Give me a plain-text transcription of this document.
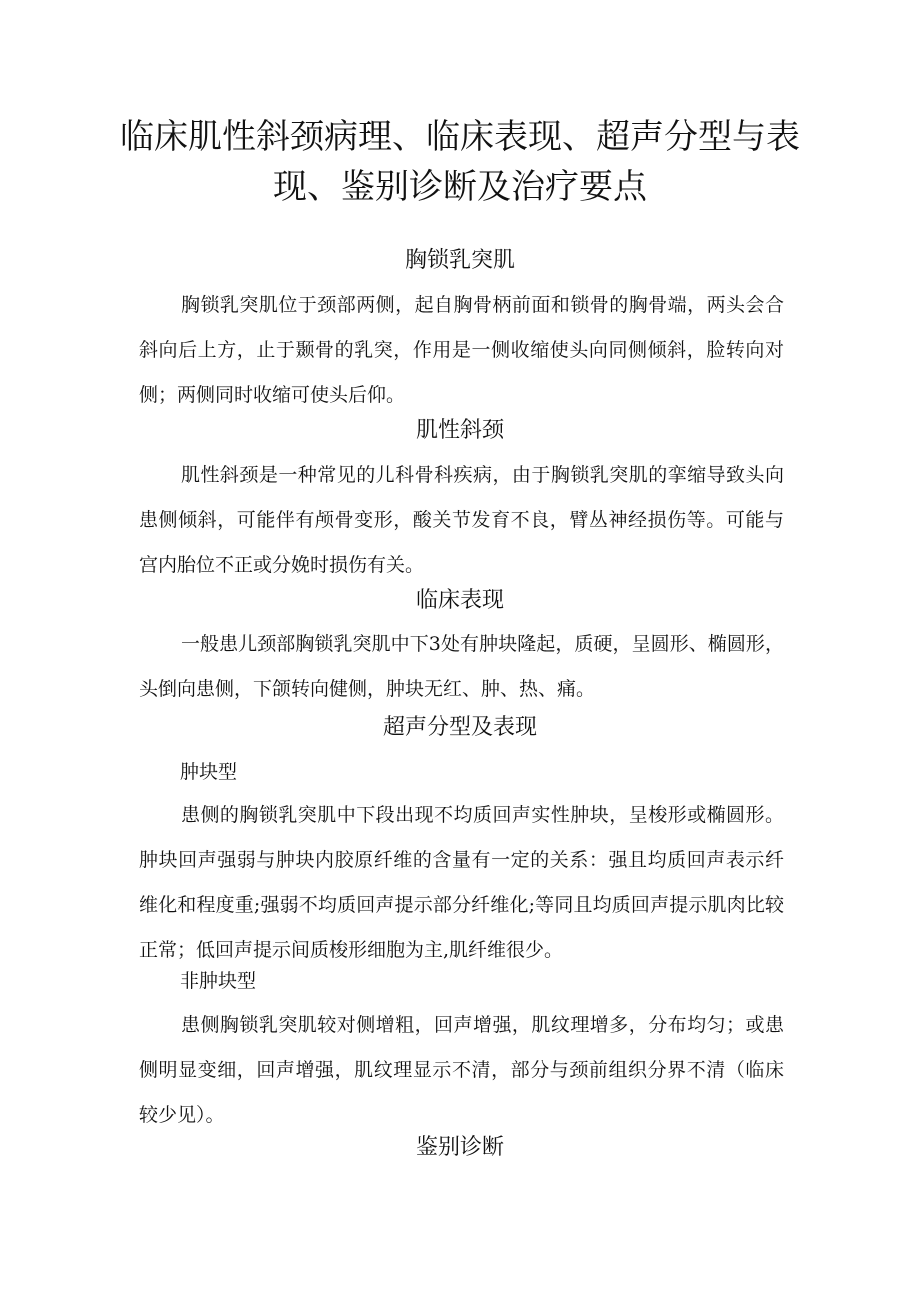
临床肌性斜颈病理、临床表现、超声分型与表现、鉴别诊断及治疗要点
胸锁乳突肌

胸锁乳突肌位于颈部两侧，起自胸骨柄前面和锁骨的胸骨端，两头会合斜向后上方，止于颞骨的乳突，作用是一侧收缩使头向同侧倾斜，脸转向对侧；两侧同时收缩可使头后仰。

肌性斜颈

肌性斜颈是一种常见的儿科骨科疾病，由于胸锁乳突肌的挛缩导致头向患侧倾斜，可能伴有颅骨变形，酸关节发育不良，臂丛神经损伤等。可能与宫内胎位不正或分娩时损伤有关。

临床表现

一般患儿颈部胸锁乳突肌中下3处有肿块隆起，质硬，呈圆形、椭圆形，头倒向患侧，下颌转向健侧，肿块无红、肿、热、痛。

超声分型及表现
肿块型

患侧的胸锁乳突肌中下段出现不均质回声实性肿块，呈梭形或椭圆形。肿块回声强弱与肿块内胶原纤维的含量有一定的关系：强且均质回声表示纤维化和程度重;强弱不均质回声提示部分纤维化;等同且均质回声提示肌肉比较正常；低回声提示间质梭形细胞为主,肌纤维很少。

非肿块型

患侧胸锁乳突肌较对侧增粗，回声增强，肌纹理增多，分布均匀；或患侧明显变细，回声增强，肌纹理显示不清，部分与颈前组织分界不清（临床较少见）。

鉴别诊断
